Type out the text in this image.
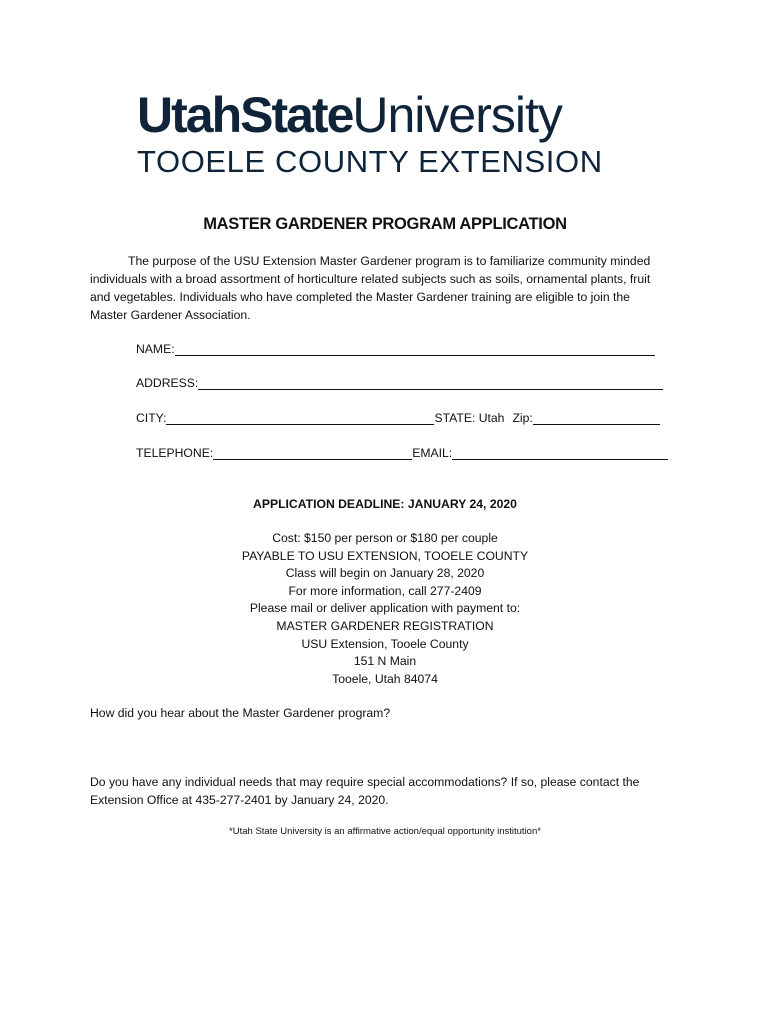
UtahStateUniversity
TOOELE COUNTY EXTENSION
MASTER GARDENER PROGRAM APPLICATION

The purpose of the USU Extension Master Gardener program is to familiarize community minded individuals with a broad assortment of horticulture related subjects such as soils, ornamental plants, fruit and vegetables. Individuals who have completed the Master Gardener training are eligible to join the Master Gardener Association.

NAME:
ADDRESS:
CITY:	STATE: Utah Zip:
TELEPHONE:	EMAIL:
APPLICATION DEADLINE: JANUARY 24, 2020
Cost: $150 per person or $180 per couple
PAYABLE TO USU EXTENSION, TOOELE COUNTY
Class will begin on January 28, 2020
For more information, call 277-2409
Please mail or deliver application with payment to:
MASTER GARDENER REGISTRATION
USU Extension, Tooele County
151 N Main
Tooele, Utah 84074
How did you hear about the Master Gardener program?
Do you have any individual needs that may require special accommodations? If so, please contact the Extension Office at 435-277-2401 by January 24, 2020.
*Utah State University is an affirmative action/equal opportunity institution*
